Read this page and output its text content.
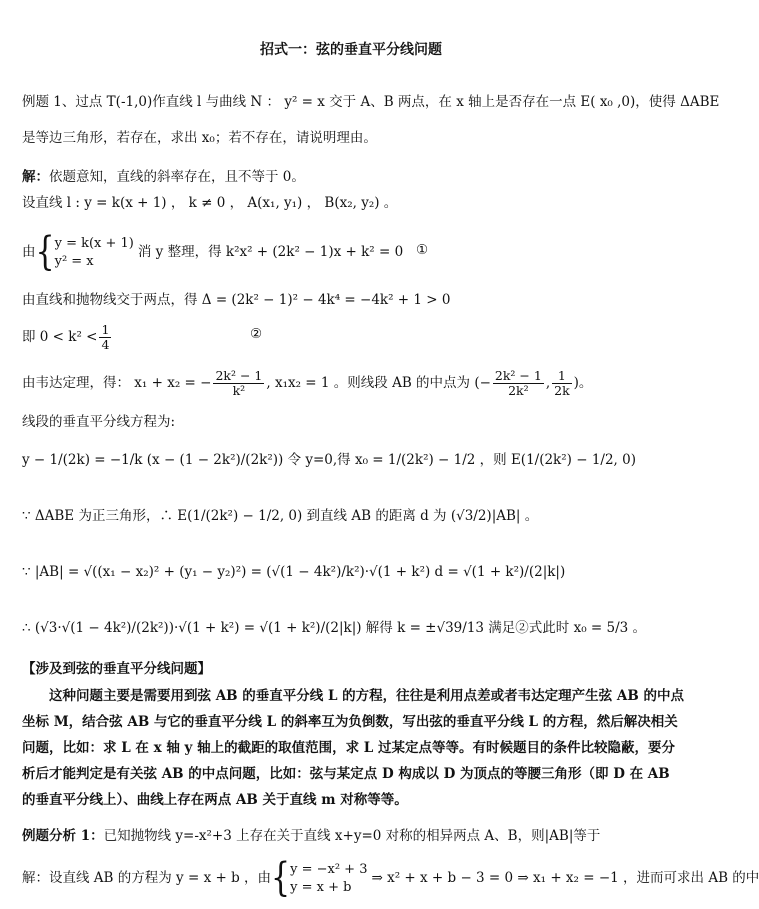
招式一：弦的垂直平分线问题
例题 1、过点 T(-1,0)作直线 l 与曲线 N ： y² = x 交于 A、B 两点，在 x 轴上是否存在一点 E( x₀ ,0)，使得 ΔABE
是等边三角形，若存在，求出 x₀；若不存在，请说明理由。
解：依题意知，直线的斜率存在，且不等于 0。
设直线 l : y = k(x + 1) ， k ≠ 0 ， A(x₁, y₁) ， B(x₂, y₂) 。
由{ y = k(x + 1)
y² = x
消 y 整理，得 k²x² + (2k² − 1)x + k² = 0 ①
由直线和抛物线交于两点，得 Δ = (2k² − 1)² − 4k⁴ = −4k² + 1 > 0
即 $0 < k^2 < \frac{1}{4}$	②
由韦达定理，得： x₁ + x₂ = − $\frac{\text{2k² − 1}}{\text{k²}}$ , x₁x₂ = 1 。则线段 AB 的中点为 (− $\frac{\text{2k² − 1}}{\text{2k²}}$ , $\frac{1}{2k}$ )。
线段的垂直平分线方程为:
y − 1/(2k) = −1/k (x − (1 − 2k²)/(2k²)) 令 y=0,得 x₀ = 1/(2k²) − 1/2 ，则 E(1/(2k²) − 1/2, 0)
∵ ΔABE 为正三角形，∴ E(1/(2k²) − 1/2, 0) 到直线 AB 的距离 d 为 (√3/2)|AB| 。
∵ |AB| = √((x₁ − x₂)² + (y₁ − y₂)²) = (√(1 − 4k²)/k²)·√(1 + k²) d = √(1 + k²)/(2|k|)
∴ (√3·√(1 − 4k²)/(2k²))·√(1 + k²) = √(1 + k²)/(2|k|) 解得 k = ±√39/13 满足②式此时 x₀ = 5/3 。
【涉及到弦的垂直平分线问题】
这种问题主要是需要用到弦 AB 的垂直平分线 L 的方程，往往是利用点差或者韦达定理产生弦 AB 的中点坐标 M，结合弦 AB 与它的垂直平分线 L 的斜率互为负倒数，写出弦的垂直平分线 L 的方程，然后解决相关问题，比如：求 L 在 x 轴 y 轴上的截距的取值范围，求 L 过某定点等等。有时候题目的条件比较隐蔽，要分析后才能判定是有关弦 AB 的中点问题，比如：弦与某定点 D 构成以 D 为顶点的等腰三角形（即 D 在 AB 的垂直平分线上）、曲线上存在两点 AB 关于直线 m 对称等等。
例题分析 1：已知抛物线 y=-x²+3 上存在关于直线 x+y=0 对称的相异两点 A、B，则|AB|等于
解：设直线 AB 的方程为 y = x + b ，由{ y = −x² + 3
y = x + b
⇒ x² + x + b − 3 = 0 ⇒ x₁ + x₂ = −1 ，进而可求出 AB 的中
